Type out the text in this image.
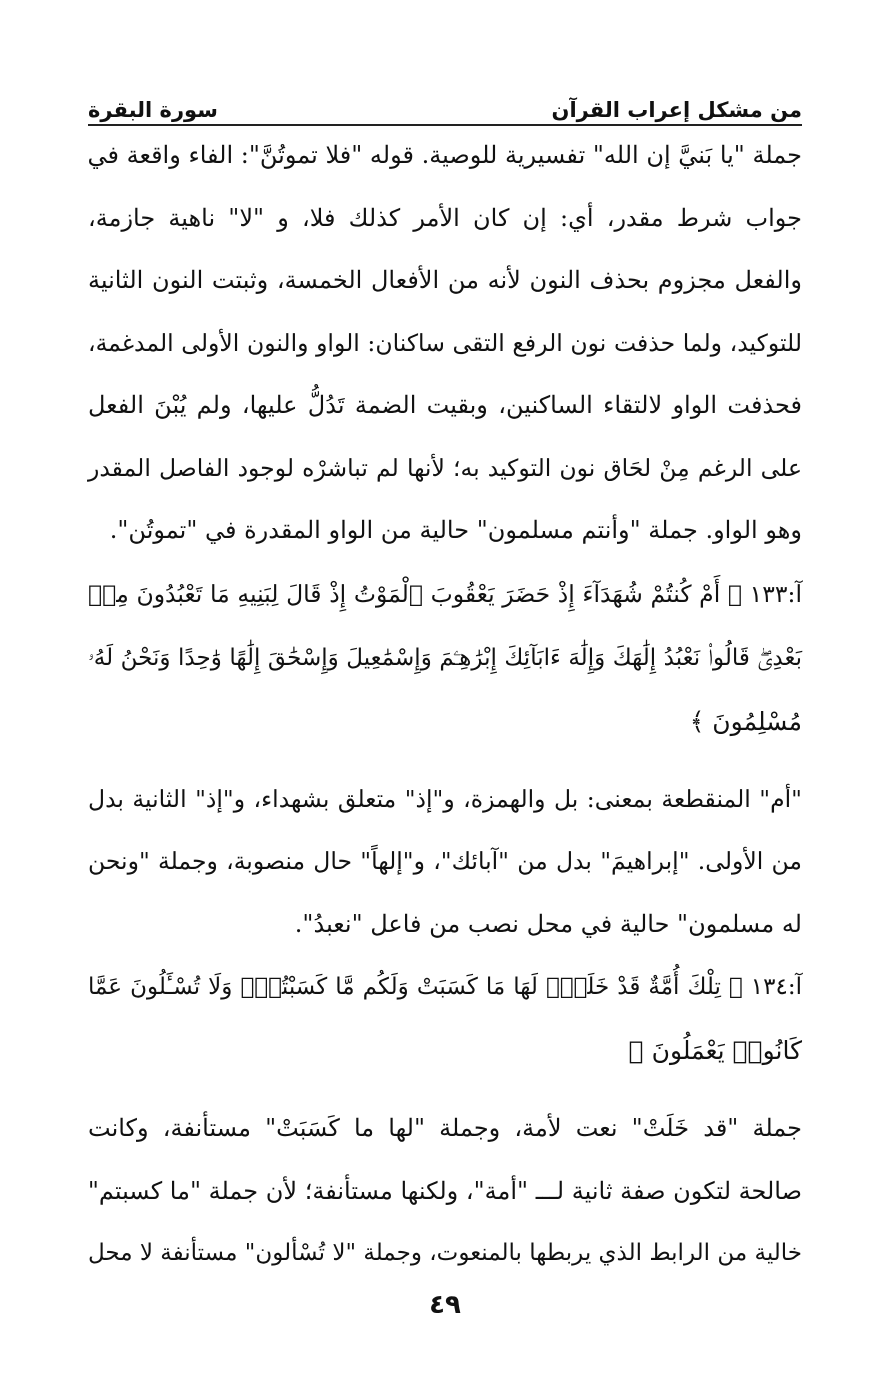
من مشكل إعراب القرآن
سورة البقرة
جملة "يا بَنيَّ إن الله" تفسيرية للوصية. قوله "فلا تموتُنَّ": الفاء واقعة في
جواب شرط مقدر، أي: إن كان الأمر كذلك فلا، و "لا" ناهية جازمة،
والفعل مجزوم بحذف النون لأنه من الأفعال الخمسة، وثبتت النون الثانية
للتوكيد، ولما حذفت نون الرفع التقى ساكنان: الواو والنون الأولى المدغمة،
فحذفت الواو لالتقاء الساكنين، وبقيت الضمة تَدُلُّ عليها، ولم يُبْنَ الفعل
على الرغم مِنْ لحَاق نون التوكيد به؛ لأنها لم تباشرْه لوجود الفاصل المقدر
وهو الواو. جملة "وأنتم مسلمون" حالية من الواو المقدرة في "تموتُن".
آ:١٣٣ ﴿ أَمْ كُنتُمْ شُهَدَآءَ إِذْ حَضَرَ يَعْقُوبَ ٱلْمَوْتُ إِذْ قَالَ لِبَنِيهِ مَا تَعْبُدُونَ مِنۢ
بَعْدِىۖ قَالُوا۟ نَعْبُدُ إِلَٰهَكَ وَإِلَٰهَ ءَابَآئِكَ إِبْرَٰهِـۧمَ وَإِسْمَٰعِيلَ وَإِسْحَٰقَ إِلَٰهًا وَٰحِدًا وَنَحْنُ لَهُۥ
مُسْلِمُونَ ﴾
"أم" المنقطعة بمعنى: بل والهمزة، و"إذ" متعلق بشهداء، و"إذ" الثانية بدل
من الأولى. "إبراهيمَ" بدل من "آبائك"، و"إلهاً" حال منصوبة، وجملة "ونحن
له مسلمون" حالية في محل نصب من فاعل "نعبدُ".
آ:١٣٤ ﴿ تِلْكَ أُمَّةٌ قَدْ خَلَتْۖ لَهَا مَا كَسَبَتْ وَلَكُم مَّا كَسَبْتُمْۖ وَلَا تُسْـَٔلُونَ عَمَّا
كَانُوا۟ يَعْمَلُونَ ﴾
جملة "قد خَلَتْ" نعت لأمة، وجملة "لها ما كَسَبَتْ" مستأنفة، وكانت
صالحة لتكون صفة ثانية لـــ "أمة"، ولكنها مستأنفة؛ لأن جملة "ما كسبتم"
خالية من الرابط الذي يربطها بالمنعوت، وجملة "لا تُسْألون" مستأنفة لا محل
٤٩
